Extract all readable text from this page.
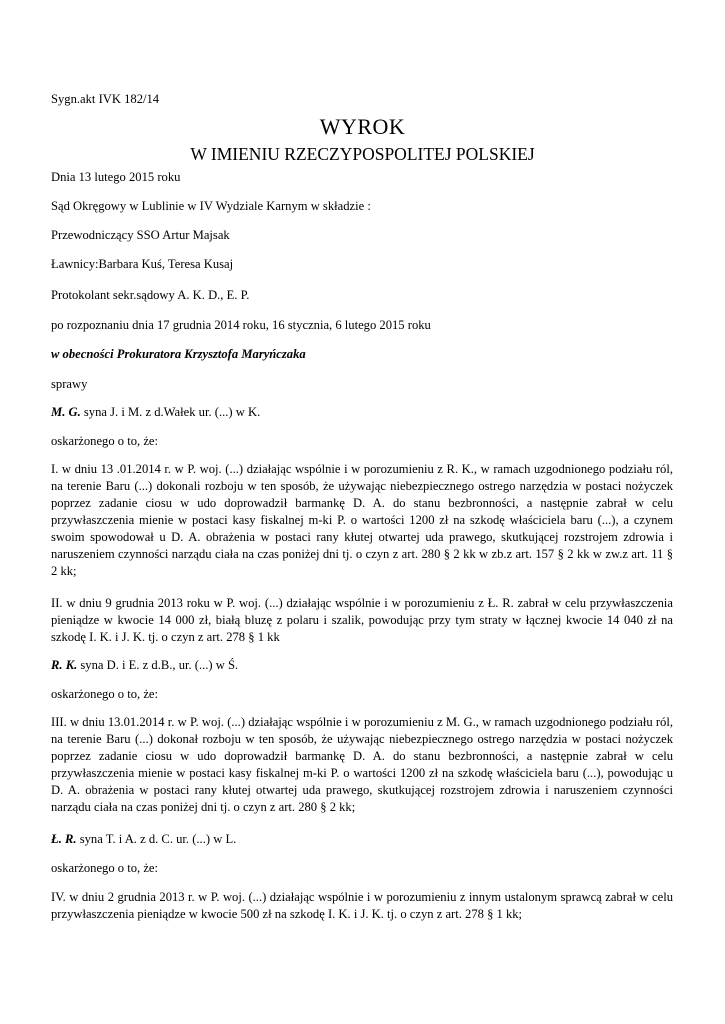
Sygn.akt IVK 182/14

WYROK
W IMIENIU RZECZYPOSPOLITEJ POLSKIEJ

Dnia 13 lutego 2015 roku

Sąd Okręgowy w Lublinie w IV Wydziale Karnym w składzie :

Przewodniczący SSO Artur Majsak

Ławnicy:Barbara Kuś, Teresa Kusaj

Protokolant sekr.sądowy A. K. D., E. P.

po rozpoznaniu dnia 17 grudnia 2014 roku, 16 stycznia, 6 lutego 2015 roku

w obecności Prokuratora Krzysztofa Maryńczaka

sprawy

M. G. syna J. i M. z d.Wałek ur. (...) w K.

oskarżonego o to, że:

I. w dniu 13 .01.2014 r. w P. woj. (...) działając wspólnie i w porozumieniu z R. K., w ramach uzgodnionego podziału ról, na terenie Baru (...) dokonali rozboju w ten sposób, że używając niebezpiecznego ostrego narzędzia w postaci nożyczek poprzez zadanie ciosu w udo doprowadził barmankę D. A. do stanu bezbronności, a następnie zabrał w celu przywłaszczenia mienie w postaci kasy fiskalnej m-ki P. o wartości 1200 zł na szkodę właściciela baru (...), a czynem swoim spowodował u D. A. obrażenia w postaci rany kłutej otwartej uda prawego, skutkującej rozstrojem zdrowia i naruszeniem czynności narządu ciała na czas poniżej dni tj. o czyn z art. 280 § 2 kk w zb.z art. 157 § 2 kk w zw.z art. 11 § 2 kk;

II. w dniu 9 grudnia 2013 roku w P. woj. (...) działając wspólnie i w porozumieniu z Ł. R. zabrał w celu przywłaszczenia pieniądze w kwocie 14 000 zł, białą bluzę z polaru i szalik, powodując przy tym straty w łącznej kwocie 14 040 zł na szkodę I. K. i J. K. tj. o czyn z art. 278 § 1 kk

R. K. syna D. i E. z d.B., ur. (...) w Ś.

oskarżonego o to, że:

III. w dniu 13.01.2014 r. w P. woj. (...) działając wspólnie i w porozumieniu z M. G., w ramach uzgodnionego podziału ról, na terenie Baru (...) dokonał rozboju w ten sposób, że używając niebezpiecznego ostrego narzędzia w postaci nożyczek poprzez zadanie ciosu w udo doprowadził barmankę D. A. do stanu bezbronności, a następnie zabrał w celu przywłaszczenia mienie w postaci kasy fiskalnej m-ki P. o wartości 1200 zł na szkodę właściciela baru (...), powodując u D. A. obrażenia w postaci rany kłutej otwartej uda prawego, skutkującej rozstrojem zdrowia i naruszeniem czynności narządu ciała na czas poniżej dni tj. o czyn z art. 280 § 2 kk;

Ł. R. syna T. i A. z d. C. ur. (...) w L.

oskarżonego o to, że:

IV. w dniu 2 grudnia 2013 r. w P. woj. (...) działając wspólnie i w porozumieniu z innym ustalonym sprawcą zabrał w celu przywłaszczenia pieniądze w kwocie 500 zł na szkodę I. K. i J. K. tj. o czyn z art. 278 § 1 kk;
